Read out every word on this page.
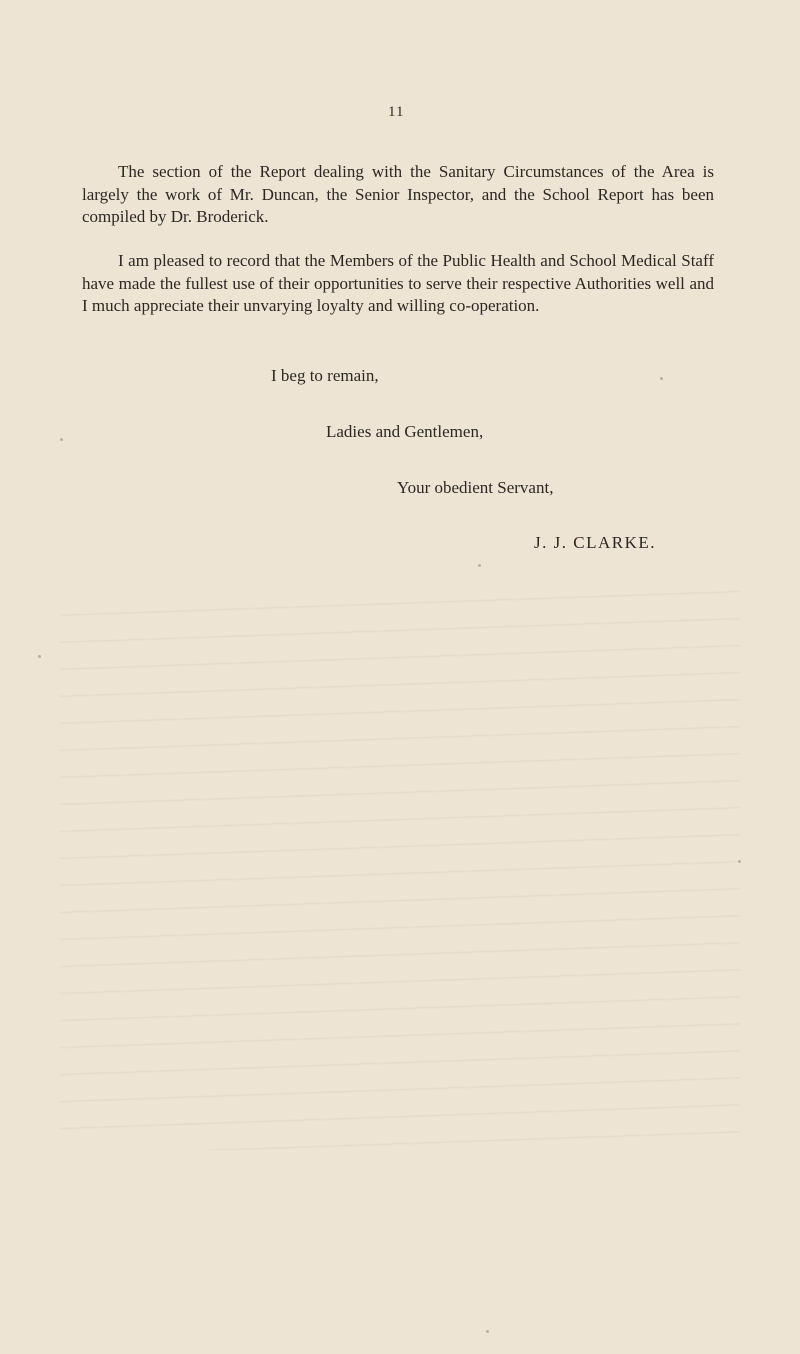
11

The section of the Report dealing with the Sanitary Circumstances of the Area is largely the work of Mr. Duncan, the Senior Inspector, and the School Report has been compiled by Dr. Broderick.

I am pleased to record that the Members of the Public Health and School Medical Staff have made the fullest use of their opportunities to serve their respective Authorities well and I much appreciate their unvarying loyalty and willing co-operation.

I beg to remain,
Ladies and Gentlemen,
Your obedient Servant,
J. J. CLARKE.
